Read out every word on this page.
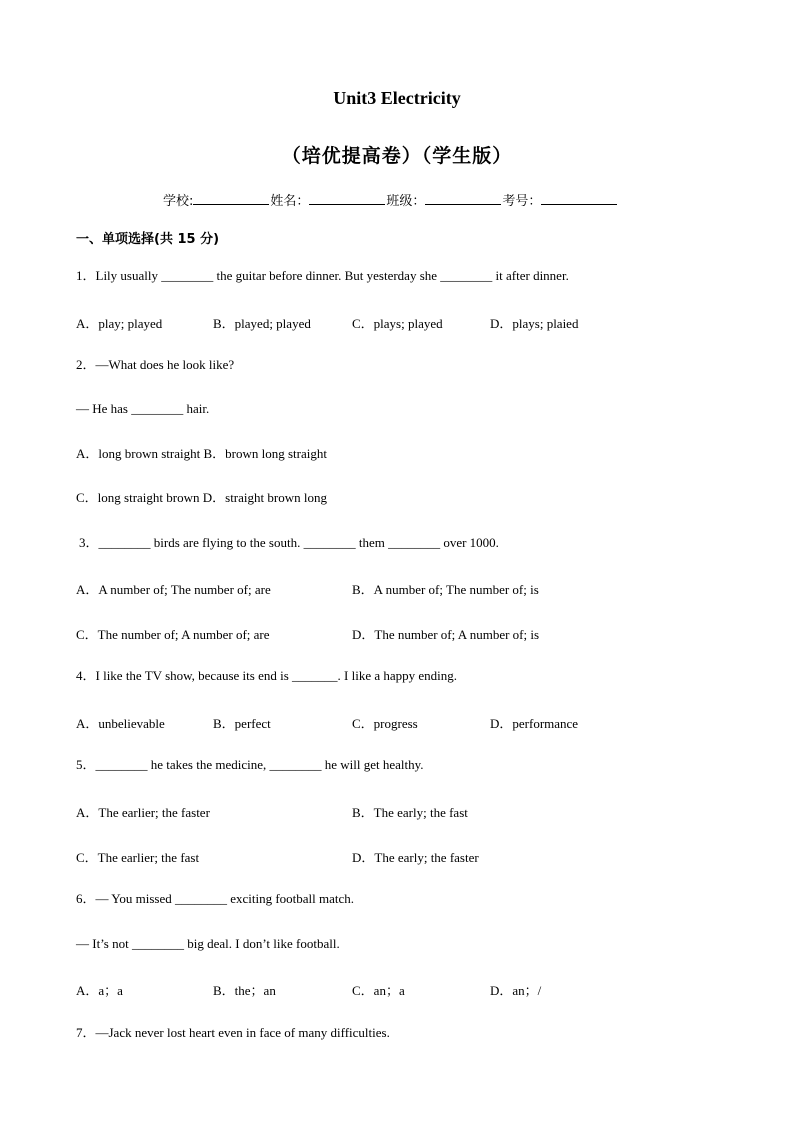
Unit3 Electricity
（培优提高卷）（学生版）
学校:	姓名：	班级：	考号：
一、单项选择(共 15 分)
1．Lily usually ________ the guitar before dinner. But yesterday she ________ it after dinner.
A．play; played	B．played; played	C．plays; played	D．plays; plaied
2．—What does he look like?
— He has ________ hair.
A．long brown straight B．brown long straight
C．long straight brown D．straight brown long
3．________ birds are flying to the south. ________ them ________ over 1000.
A．A number of; The number of; are	B．A number of; The number of; is
C．The number of; A number of; are	D．The number of; A number of; is
4．I like the TV show, because its end is _______. I like a happy ending.
A．unbelievable	B．perfect	C．progress	D．performance
5．________ he takes the medicine, ________ he will get healthy.
A．The earlier; the faster	B．The early; the fast
C．The earlier; the fast	D．The early; the faster
6．— You missed ________ exciting football match.
— It’s not ________ big deal. I don’t like football.
A．a；a	B．the；an	C．an；a	D．an；/
7．—Jack never lost heart even in face of many difficulties.
